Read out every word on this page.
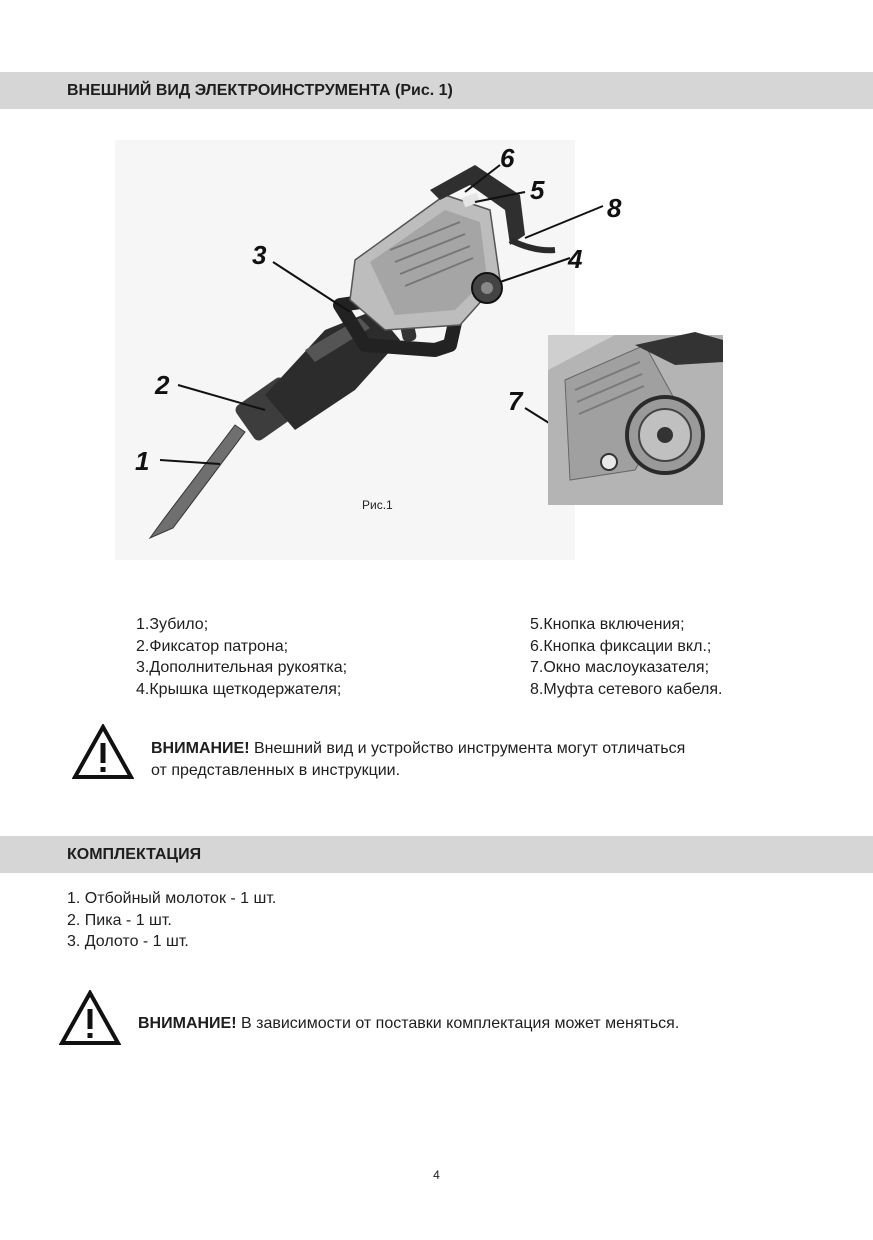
ВНЕШНИЙ ВИД ЭЛЕКТРОИНСТРУМЕНТА (Рис. 1)
1
2
3	4
5
6
7
8
Рис.1
1.Зубило;
2.Фиксатор патрона;
3.Дополнительная рукоятка;
4.Крышка щеткодержателя;
5.Кнопка включения;
6.Кнопка фиксации вкл.;
7.Окно маслоуказателя;
8.Муфта сетевого кабеля.
ВНИМАНИЕ! Внешний вид и устройство инструмента могут отличаться
от представленных в инструкции.
КОМПЛЕКТАЦИЯ
1. Отбойный молоток - 1 шт.
2. Пика - 1 шт.
3. Долото - 1 шт.
ВНИМАНИЕ! В зависимости от поставки комплектация может меняться.
4
